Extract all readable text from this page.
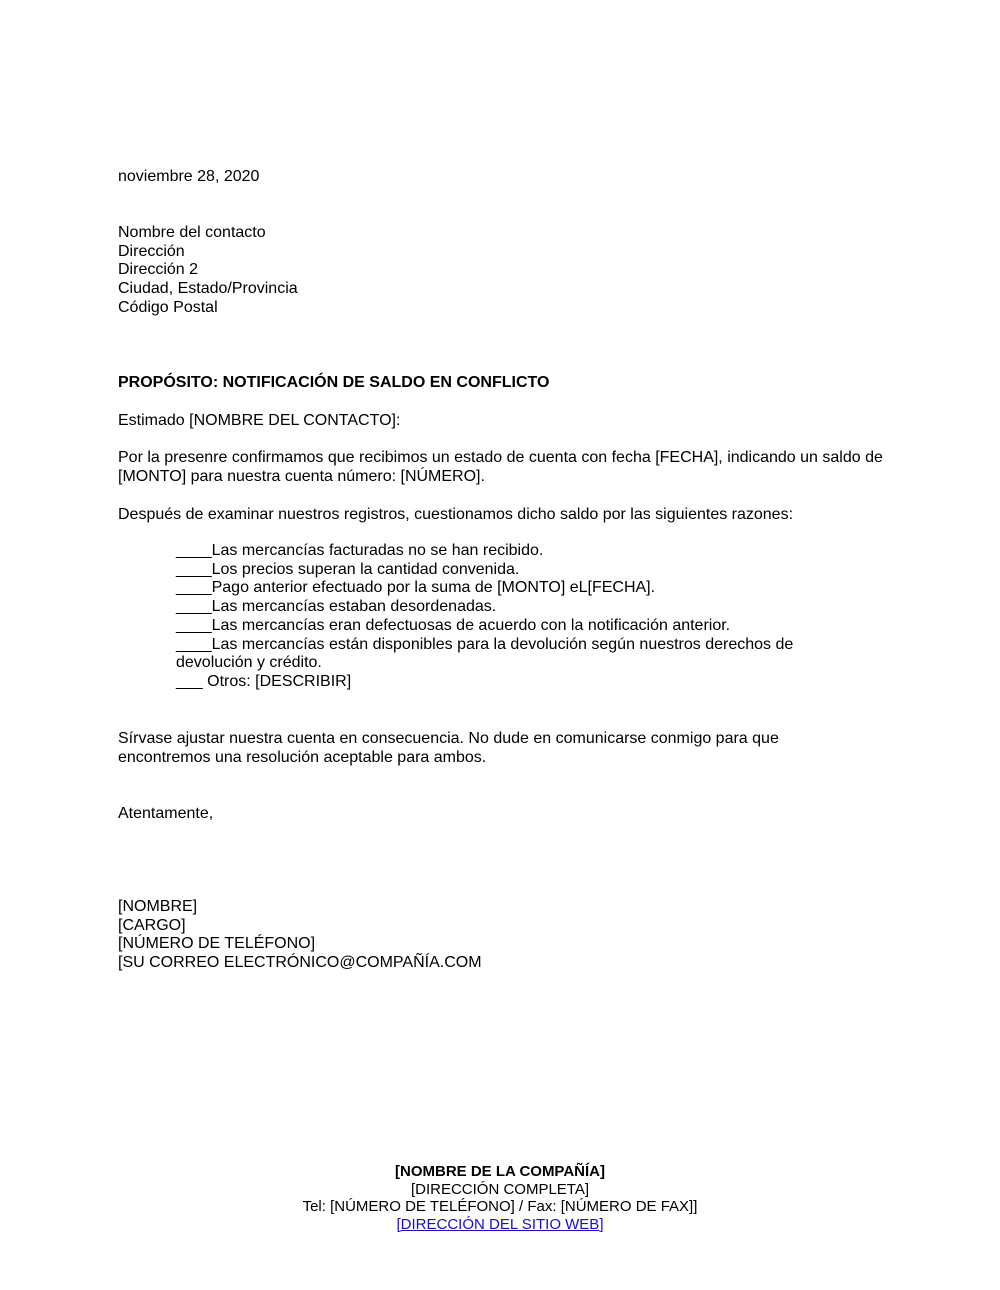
noviembre 28, 2020
Nombre del contacto
Dirección
Dirección 2
Ciudad, Estado/Provincia
Código Postal
PROPÓSITO: NOTIFICACIÓN DE SALDO EN CONFLICTO
Estimado [NOMBRE DEL CONTACTO]:
Por la presenre confirmamos que recibimos un estado de cuenta con fecha [FECHA], indicando un saldo de [MONTO] para nuestra cuenta número: [NÚMERO].
Después de examinar nuestros registros, cuestionamos dicho saldo por las siguientes razones:
____Las mercancías facturadas no se han recibido.
____Los precios superan la cantidad convenida.
____Pago anterior efectuado por la suma de [MONTO] eL[FECHA].
____Las mercancías estaban desordenadas.
____Las mercancías eran defectuosas de acuerdo con la notificación anterior.
____Las mercancías están disponibles para la devolución según nuestros derechos de devolución y crédito.
___ Otros: [DESCRIBIR]
Sírvase ajustar nuestra cuenta en consecuencia. No dude en comunicarse conmigo para que encontremos una resolución aceptable para ambos.
Atentamente,
[NOMBRE]
[CARGO]
[NÚMERO DE TELÉFONO]
[SU CORREO ELECTRÓNICO@COMPAÑÍA.COM
[NOMBRE DE LA COMPAÑÍA]
[DIRECCIÓN COMPLETA]
Tel: [NÚMERO DE TELÉFONO] / Fax: [NÚMERO DE FAX]]
[DIRECCIÓN DEL SITIO WEB]
